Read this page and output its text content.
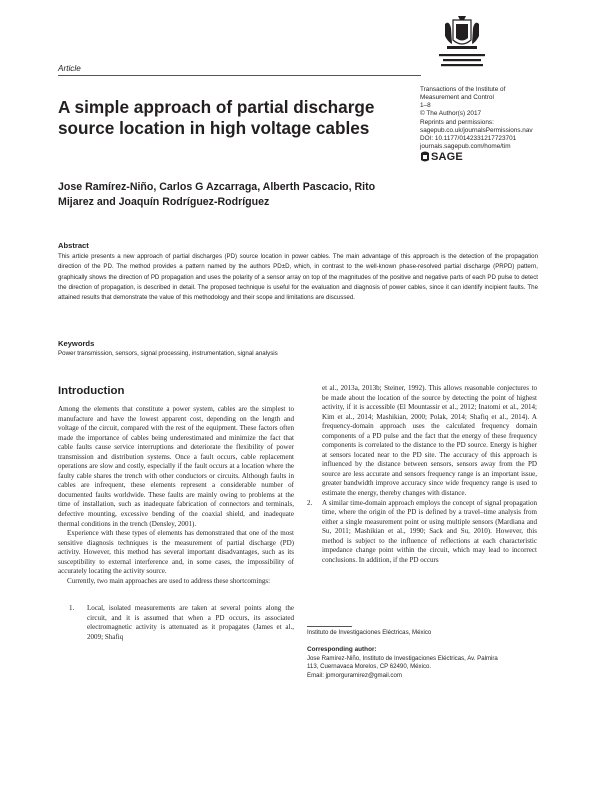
Article
Transactions of the Institute of
Measurement and Control
1–8
© The Author(s) 2017
Reprints and permissions:
sagepub.co.uk/journalsPermissions.nav
DOI: 10.1177/0142331217723701
journals.sagepub.com/home/tim
SAGE
A simple approach of partial discharge source location in high voltage cables
Jose Ramírez-Niño, Carlos G Azcarraga, Alberth Pascacio, Rito Mijarez and Joaquín Rodríguez-Rodríguez
Abstract
This article presents a new approach of partial discharges (PD) source location in power cables. The main advantage of this approach is the detection of the propagation direction of the PD. The method provides a pattern named by the authors PD±D, which, in contrast to the well-known phase-resolved partial discharge (PRPD) pattern, graphically shows the direction of PD propagation and uses the polarity of a sensor array on top of the magnitudes of the positive and negative parts of each PD pulse to detect the direction of propagation, is described in detail. The proposed technique is useful for the evaluation and diagnosis of power cables, since it can identify incipient faults. The attained results that demonstrate the value of this methodology and their scope and limitations are discussed.
Keywords
Power transmission, sensors, signal processing, instrumentation, signal analysis
Introduction

Among the elements that constitute a power system, cables are the simplest to manufacture and have the lowest apparent cost, depending on the length and voltage of the circuit, compared with the rest of the equipment. These factors often made the importance of cables being underestimated and minimize the fact that cable faults cause service interruptions and deteriorate the flexibility of power transmission and distribution systems. Once a fault occurs, cable replacement operations are slow and costly, especially if the fault occurs at a location where the faulty cable shares the trench with other conductors or circuits. Although faults in cables are infrequent, these elements represent a considerable number of documented faults worldwide. These faults are mainly owing to problems at the time of installation, such as inadequate fabrication of connectors and terminals, defective mounting, excessive bending of the coaxial shield, and inadequate thermal conditions in the trench (Densley, 2001).

Experience with these types of elements has demonstrated that one of the most sensitive diagnosis techniques is the measurement of partial discharge (PD) activity. However, this method has several important disadvantages, such as its susceptibility to external interference and, in some cases, the impossibility of accurately locating the activity source.

Currently, two main approaches are used to address these shortcomings:

1.	Local, isolated measurements are taken at several points along the circuit, and it is assumed that when a PD occurs, its associated electromagnetic activity is attenuated as it propagates (James et al., 2009; Shafiq

et al., 2013a, 2013b; Steiner, 1992). This allows reasonable conjectures to be made about the location of the source by detecting the point of highest activity, if it is accessible (El Mountassir et al., 2012; Inatomi et al., 2014; Kim et al., 2014; Mashikian, 2000; Polak, 2014; Shafiq et al., 2014). A frequency-domain approach uses the calculated frequency domain components of a PD pulse and the fact that the energy of these frequency components is correlated to the distance to the PD source. Energy is higher at sensors located near to the PD site. The accuracy of this approach is influenced by the distance between sensors, sensors away from the PD source are less accurate and sensors frequency range is an important issue, greater bandwidth improve accuracy since wide frequency range is used to estimate the energy, thereby changes with distance.

2.	A similar time-domain approach employs the concept of signal propagation time, where the origin of the PD is defined by a travel–time analysis from either a single measurement point or using multiple sensors (Mardiana and Su, 2011; Mashikian et al., 1990; Sack and Su, 2010). However, this method is subject to the influence of reflections at each characteristic impedance change point within the circuit, which may lead to incorrect conclusions. In addition, if the PD occurs
Instituto de Investigaciones Eléctricas, México
Corresponding author:
Jose Ramírez-Niño, Instituto de Investigaciones Eléctricas, Av. Palmira
113, Cuernavaca Morelos, CP 62490, México.
Email: jpmorguramirez@gmail.com
